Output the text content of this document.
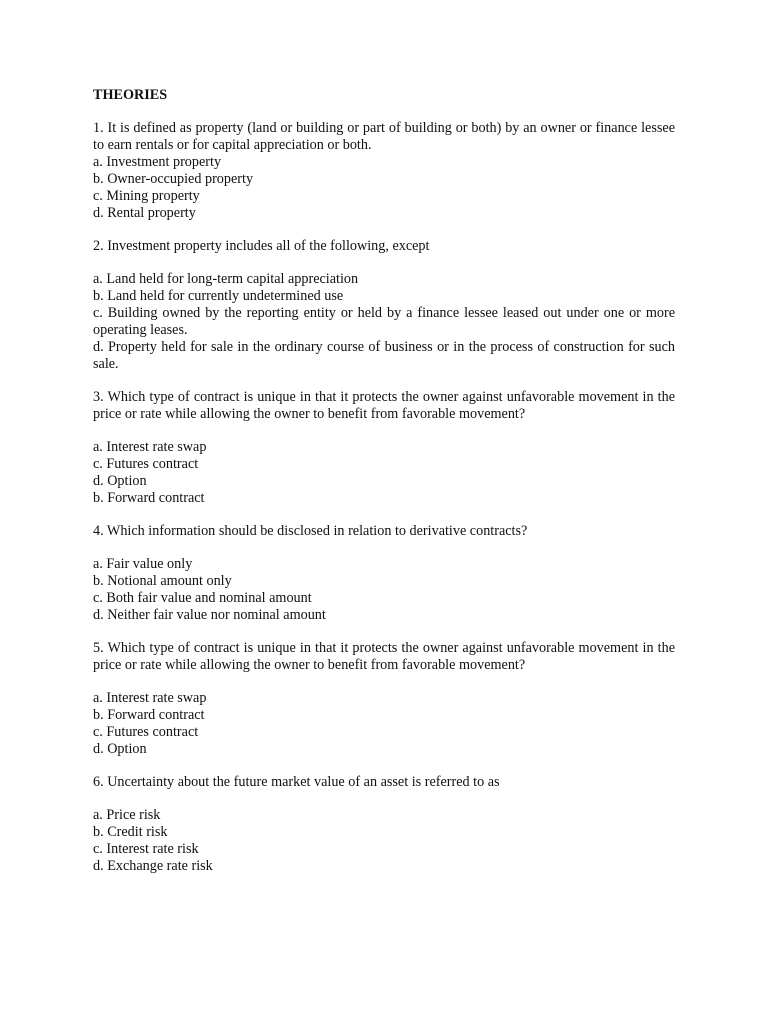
THEORIES

1. It is defined as property (land or building or part of building or both) by an owner or finance lessee to earn rentals or for capital appreciation or both.

a. Investment property
b. Owner-occupied property
c. Mining property
d. Rental property

2. Investment property includes all of the following, except

a. Land held for long-term capital appreciation
b. Land held for currently undetermined use
c. Building owned by the reporting entity or held by a finance lessee leased out under one or more operating leases.
d. Property held for sale in the ordinary course of business or in the process of construction for such sale.

3. Which type of contract is unique in that it protects the owner against unfavorable movement in the price or rate while allowing the owner to benefit from favorable movement?

a. Interest rate swap
c. Futures contract
d. Option
b. Forward contract

4. Which information should be disclosed in relation to derivative contracts?

a. Fair value only
b. Notional amount only
c. Both fair value and nominal amount
d. Neither fair value nor nominal amount

5. Which type of contract is unique in that it protects the owner against unfavorable movement in the price or rate while allowing the owner to benefit from favorable movement?

a. Interest rate swap
b. Forward contract
c. Futures contract
d. Option

6. Uncertainty about the future market value of an asset is referred to as

a. Price risk
b. Credit risk
c. Interest rate risk
d. Exchange rate risk
